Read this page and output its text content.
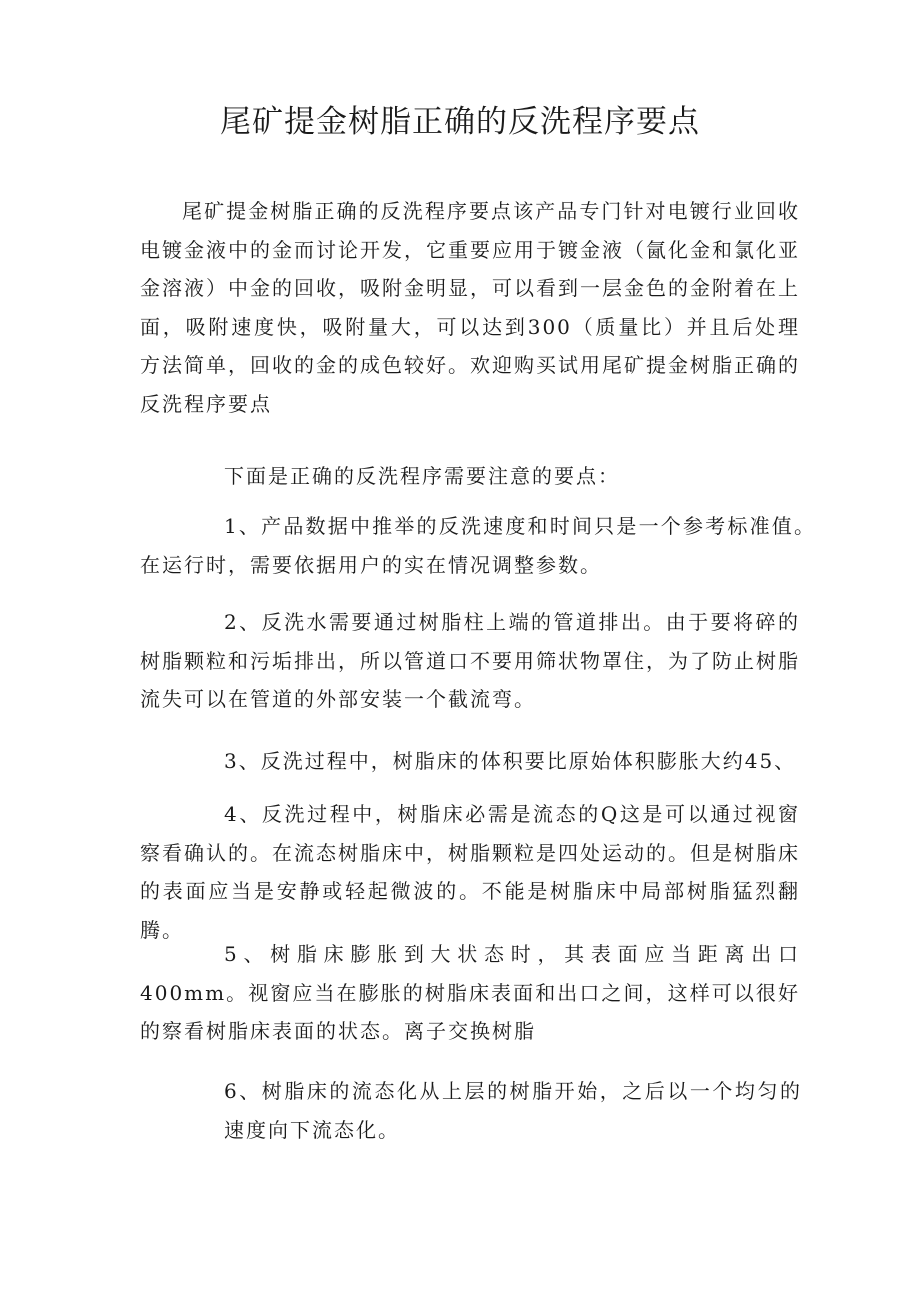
尾矿提金树脂正确的反洗程序要点

尾矿提金树脂正确的反洗程序要点该产品专门针对电镀行业回收电镀金液中的金而讨论开发，它重要应用于镀金液（氤化金和氯化亚金溶液）中金的回收，吸附金明显，可以看到一层金色的金附着在上面，吸附速度快，吸附量大，可以达到300（质量比）并且后处理方法简单，回收的金的成色较好。欢迎购买试用尾矿提金树脂正确的反洗程序要点

下面是正确的反洗程序需要注意的要点：

1、产品数据中推举的反洗速度和时间只是一个参考标准值。在运行时，需要依据用户的实在情况调整参数。

2、反洗水需要通过树脂柱上端的管道排出。由于要将碎的树脂颗粒和污垢排出，所以管道口不要用筛状物罩住，为了防止树脂流失可以在管道的外部安装一个截流弯。

3、反洗过程中，树脂床的体积要比原始体积膨胀大约45、

4、反洗过程中，树脂床必需是流态的Q这是可以通过视窗察看确认的。在流态树脂床中，树脂颗粒是四处运动的。但是树脂床的表面应当是安静或轻起微波的。不能是树脂床中局部树脂猛烈翻腾。

5、树脂床膨胀到大状态时，其表面应当距离出口400mm。视窗应当在膨胀的树脂床表面和出口之间，这样可以很好的察看树脂床表面的状态。离子交换树脂

6、树脂床的流态化从上层的树脂开始，之后以一个均匀的速度向下流态化。
